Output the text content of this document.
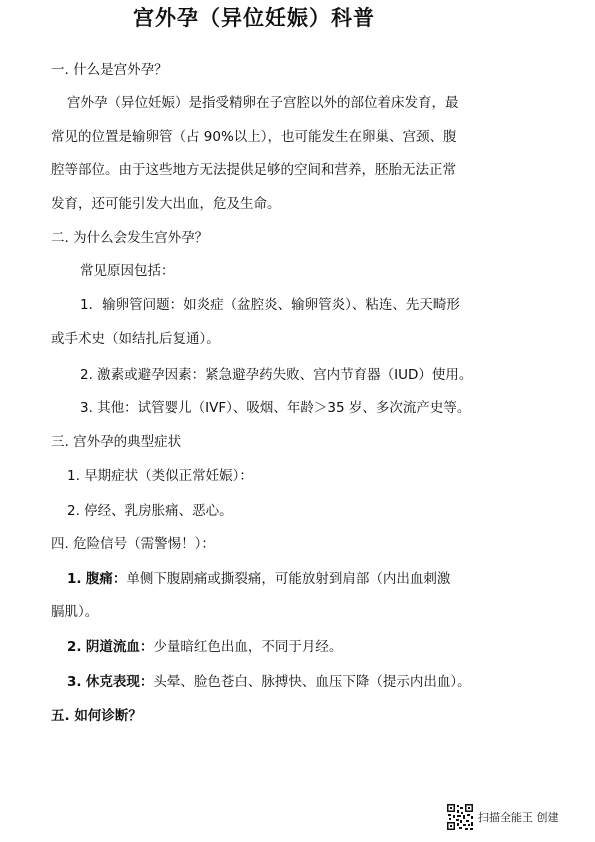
宫外孕（异位妊娠）科普
一. 什么是宫外孕？
宫外孕（异位妊娠）是指受精卵在子宫腔以外的部位着床发育，最
常见的位置是输卵管（占 90%以上），也可能发生在卵巢、宫颈、腹
腔等部位。由于这些地方无法提供足够的空间和营养，胚胎无法正常
发育，还可能引发大出血，危及生命。
二. 为什么会发生宫外孕？
常见原因包括：
1．输卵管问题：如炎症（盆腔炎、输卵管炎）、粘连、先天畸形
或手术史（如结扎后复通）。
2. 激素或避孕因素：紧急避孕药失败、宫内节育器（IUD）使用。
3. 其他：试管婴儿（IVF）、吸烟、年龄＞35 岁、多次流产史等。
三. 宫外孕的典型症状
1. 早期症状（类似正常妊娠）：
2. 停经、乳房胀痛、恶心。
四. 危险信号（需警惕！）：
1. 腹痛：单侧下腹剧痛或撕裂痛，可能放射到肩部（内出血刺激
膈肌）。
2. 阴道流血：少量暗红色出血，不同于月经。
3. 休克表现：头晕、脸色苍白、脉搏快、血压下降（提示内出血）。
五. 如何诊断？
扫描全能王 创建
